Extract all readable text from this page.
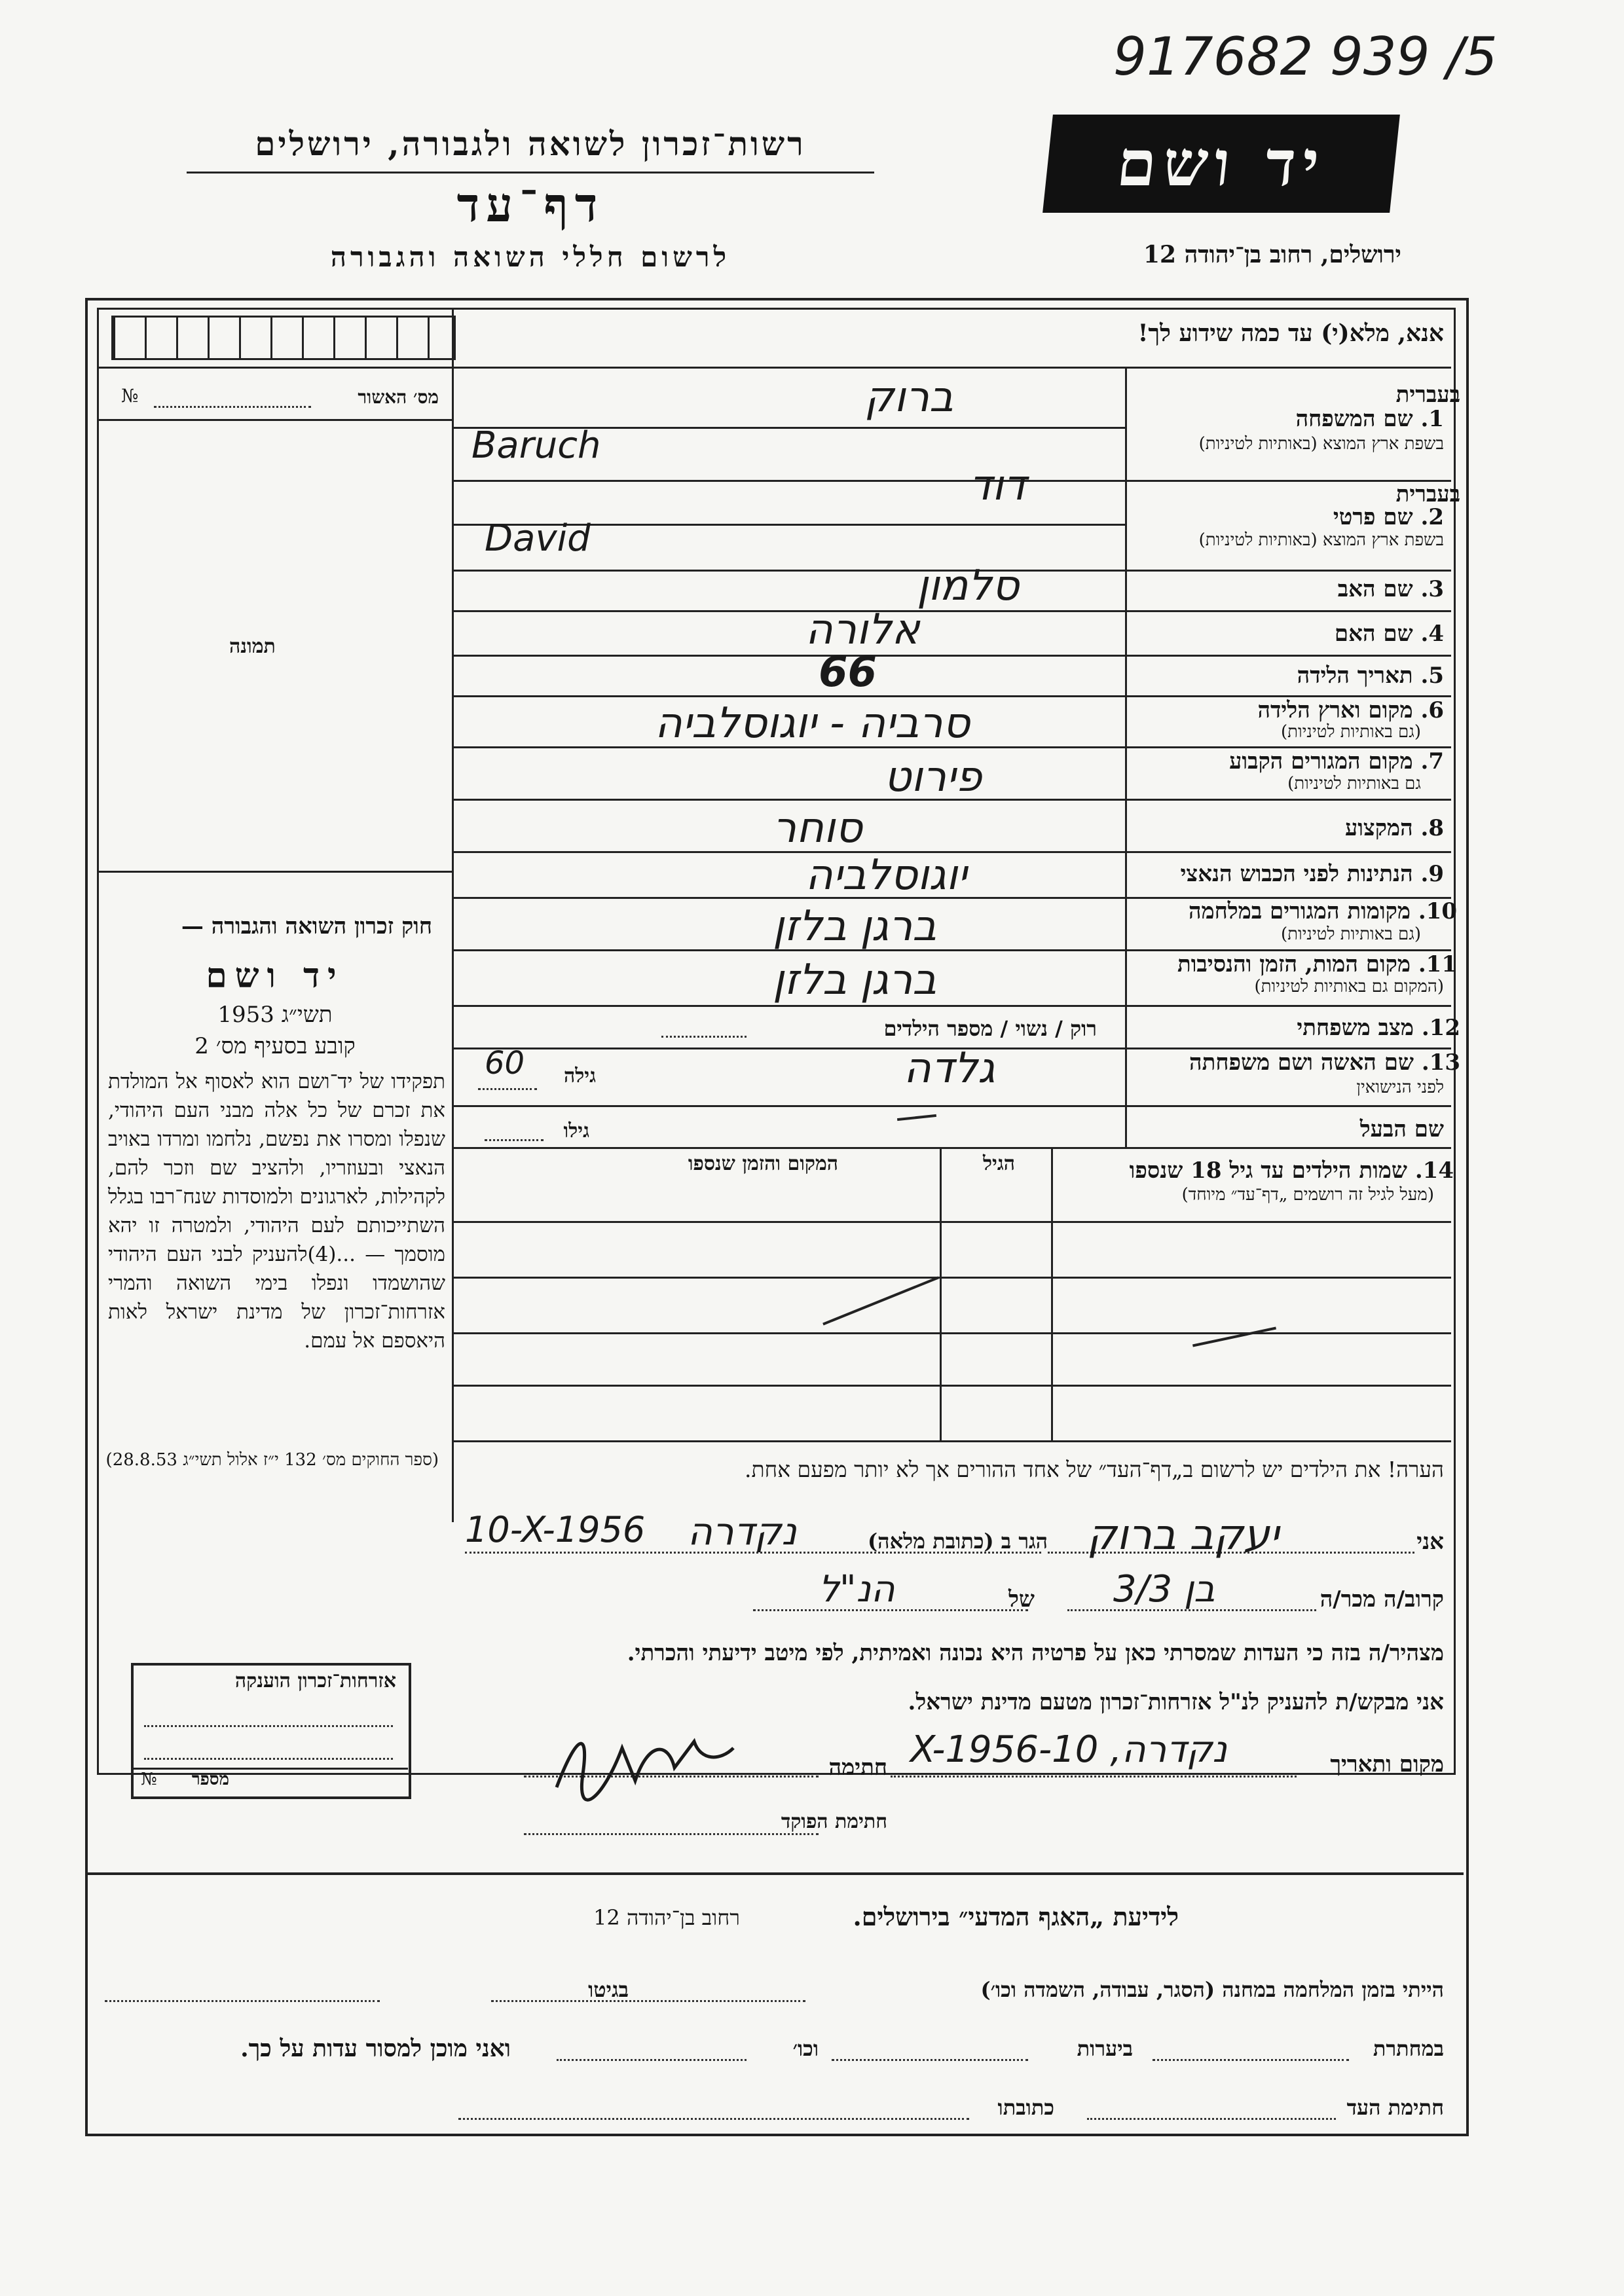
917682 939 /5
רשות־זכרון לשואה ולגבורה, ירושלים
דף־עד
לרשום חללי השואה והגבורה
יד ושם
ירושלים, רחוב בן־יהודה 12
אנא, מלא(י) עד כמה שידוע לך!
מס׳ האשור
№
תמונה
חוק זכרון השואה והגבורה —
יד ושם
תשי״ג 1953
קובע בסעיף מס׳ 2
תפקידו של יד־ושם הוא לאסוף אל המולדת את זכרם של כל אלה מבני העם היהודי, שנפלו ומסרו את נפשם, נלחמו ומרדו באויב הנאצי ובעוזריו, ולהציב שם וזכר להם, לקהילות, לארגונים ולמוסדות שנח־רבו בגלל השתייכותם לעם היהודי, ולמטרה זו יהא מוסמך — ...(4)להעניק לבני העם היהודי שהושמדו ונפלו בימי השואה והמרי אזרחות־זכרון של מדינת ישראל לאות היאספם אל עמם.
(ספר החוקים מס׳ 132 י״ז אלול תשי״ג 28.8.53)
בעברית
1. שם המשפחה
בשפת ארץ המוצא (באותיות לטיניות)
בעברית
2. שם פרטי
בשפת ארץ המוצא (באותיות לטיניות)
3. שם האב
4. שם האם
5. תאריך הלידה
6. מקום וארץ הלידה
(גם באותיות לטיניות)
7. מקום המגורים הקבוע
גם באותיות לטיניות)
8. המקצוע
9. הנתינות לפני הכבוש הנאצי
10. מקומות המגורים במלחמה
(גם באותיות לטיניות)
11. מקום המות, הזמן והנסיבות
(המקום גם באותיות לטיניות)
12. מצב משפחתי
13. שם האשה ושם משפחתה
לפני הנישואין
שם הבעל
ברוק
Baruch
דוד
David
סלמון
אלורה
66
סרביה - יוגוסלביה
פירוט
סוחר
יוגוסלביה
ברגן בלזן
ברגן בלזן
רוק / נשוי / מספר הילדים
גלדה
גילה
60
גילו
14. שמות הילדים עד גיל 18 שנספו
(מעל לגיל זה רושמים „דף־עד״ מיוחד)
הגיל
המקום והזמן שנספו
הערה! את הילדים יש לרשום ב„דף־העד״ של אחד ההורים אך לא יותר מפעם אחת.
אני
יעקב ברוק
הגר ב (כתובת מלאה)
10-X-1956 נקדרה
קרוב/ה מכר/ה
בן 3/3
של
הנ"ל
מצהיר/ה בזה כי העדות שמסרתי כאן על פרטיה היא נכונה ואמיתית, לפי מיטב ידיעתי והכרתי.
אני מבקש/ת להעניק לנ"ל אזרחות־זכרון מטעם מדינת ישראל.
מקום ותאריך
נקדרה, 10-X-1956
חתימה
חתימת הפוקד
אזרחות־זכרון הוענקה
מספר
№
לידיעת „האגף המדעי״ בירושלים.
רחוב בן־יהודה 12
הייתי בזמן המלחמה במחנה (הסגר, עבודה, השמדה וכו׳)
בגיטו
במחתרת
ביערות
וכו׳
ואני מוכן למסור עדות על כך.
חתימת העד
כתובתו
